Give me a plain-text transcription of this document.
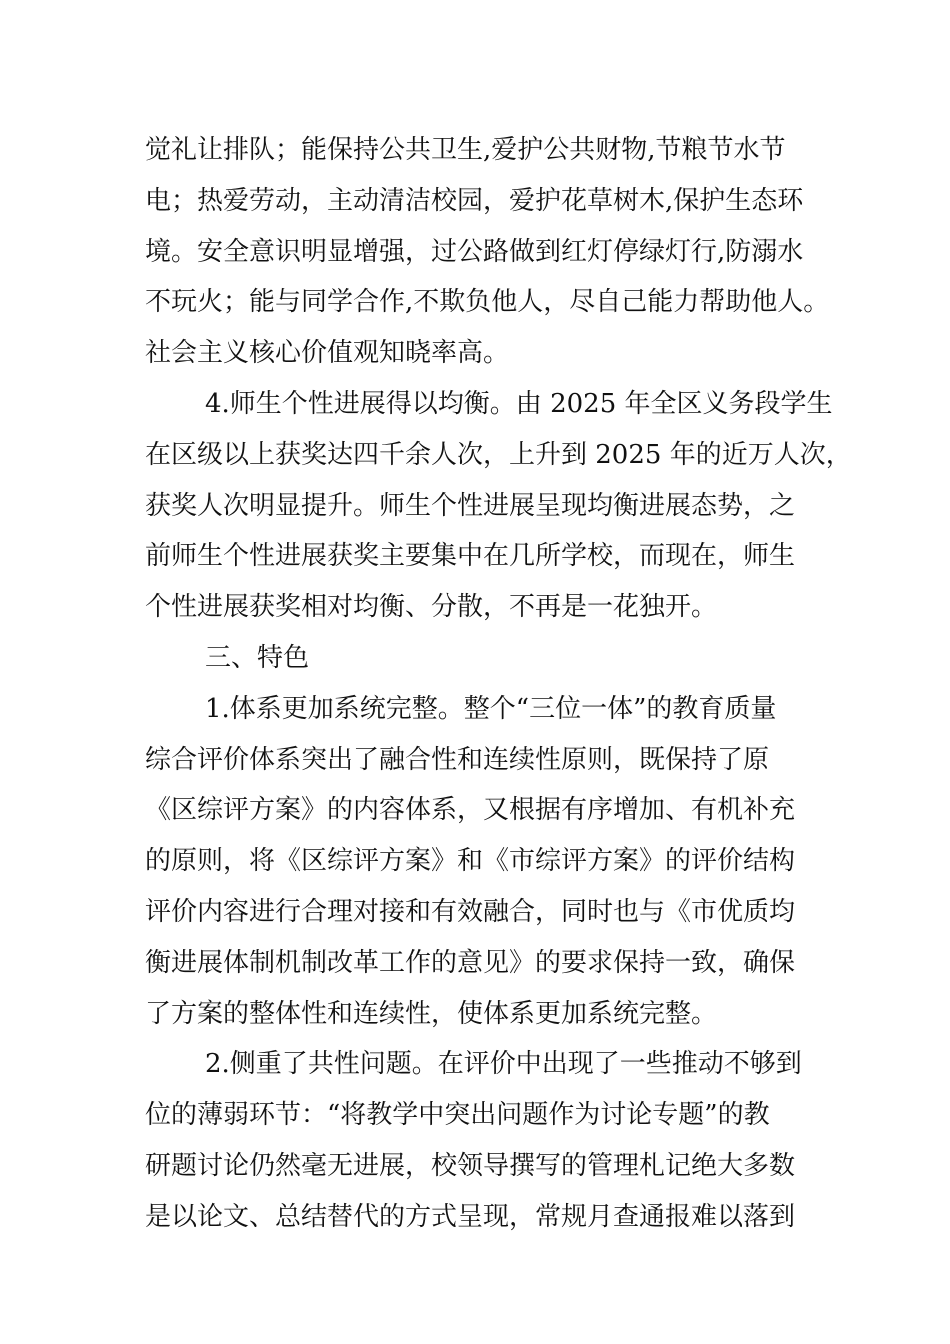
觉礼让排队；能保持公共卫生,爱护公共财物,节粮节水节
电；热爱劳动，主动清洁校园，爱护花草树木,保护生态环
境。安全意识明显增强，过公路做到红灯停绿灯行,防溺水
不玩火；能与同学合作,不欺负他人，尽自己能力帮助他人。
社会主义核心价值观知晓率高。
4.师生个性进展得以均衡。由 2025 年全区义务段学生
在区级以上获奖达四千余人次，上升到 2025 年的近万人次，
获奖人次明显提升。师生个性进展呈现均衡进展态势，之
前师生个性进展获奖主要集中在几所学校，而现在，师生
个性进展获奖相对均衡、分散，不再是一花独开。
三、特色
1.体系更加系统完整。整个“三位一体”的教育质量
综合评价体系突出了融合性和连续性原则，既保持了原
《区综评方案》的内容体系，又根据有序增加、有机补充
的原则，将《区综评方案》和《市综评方案》的评价结构
评价内容进行合理对接和有效融合，同时也与《市优质均
衡进展体制机制改革工作的意见》的要求保持一致，确保
了方案的整体性和连续性，使体系更加系统完整。
2.侧重了共性问题。在评价中出现了一些推动不够到
位的薄弱环节：“将教学中突出问题作为讨论专题”的教
研题讨论仍然毫无进展，校领导撰写的管理札记绝大多数
是以论文、总结替代的方式呈现，常规月查通报难以落到
